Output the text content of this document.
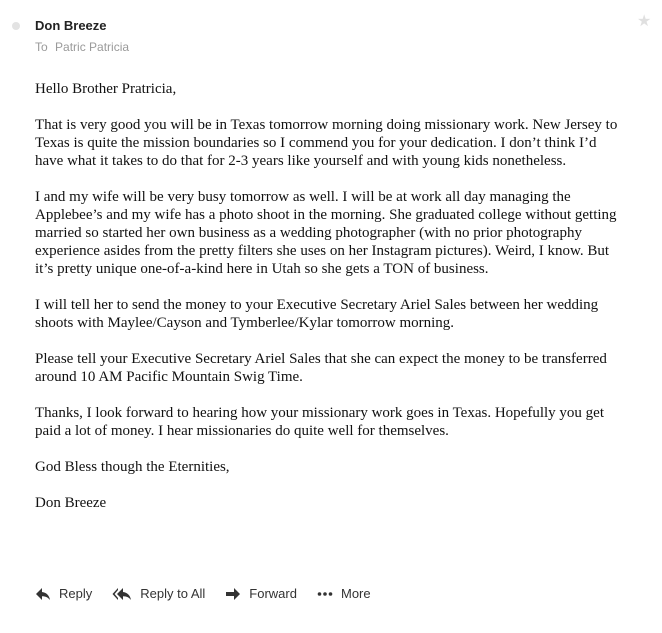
★
Don Breeze
To Patric Patricia

Hello Brother Pratricia,

That is very good you will be in Texas tomorrow morning doing missionary work. New Jersey to Texas is quite the mission boundaries so I commend you for your dedication. I don’t think I’d have what it takes to do that for 2-3 years like yourself and with young kids nonetheless.

I and my wife will be very busy tomorrow as well. I will be at work all day managing the Applebee’s and my wife has a photo shoot in the morning. She graduated college without getting married so started her own business as a wedding photographer (with no prior photography experience asides from the pretty filters she uses on her Instagram pictures). Weird, I know. But it’s pretty unique one-of-a-kind here in Utah so she gets a TON of business.

I will tell her to send the money to your Executive Secretary Ariel Sales between her wedding shoots with Maylee/Cayson and Tymberlee/Kylar tomorrow morning.

Please tell your Executive Secretary Ariel Sales that she can expect the money to be transferred around 10 AM Pacific Mountain Swig Time.

Thanks, I look forward to hearing how your missionary work goes in Texas. Hopefully you get paid a lot of money. I hear missionaries do quite well for themselves.

God Bless though the Eternities,

Don Breeze

Reply	Reply to All	Forward	More
